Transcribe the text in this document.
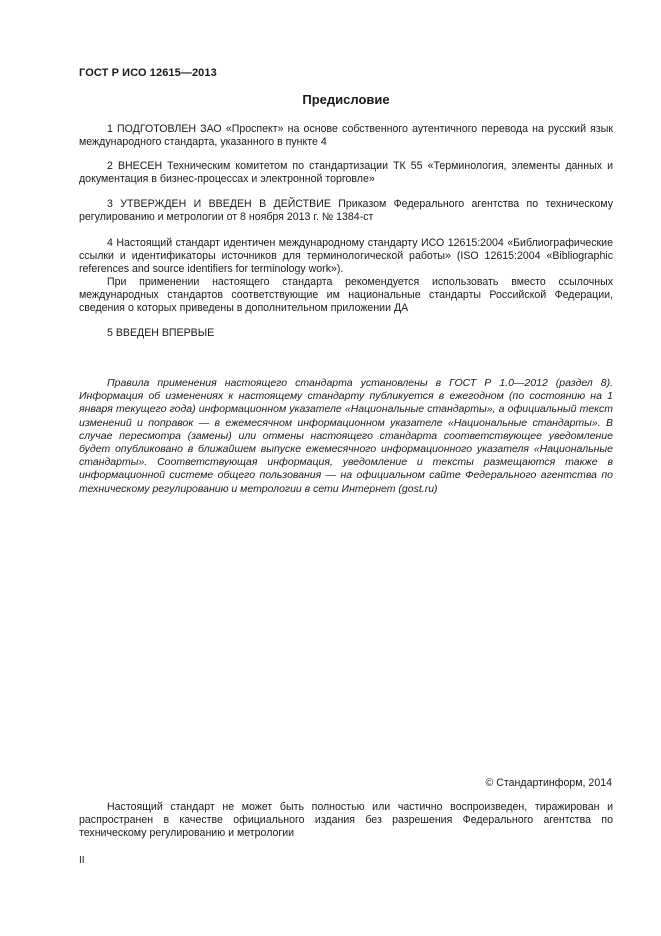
ГОСТ Р ИСО 12615—2013
Предисловие

1 ПОДГОТОВЛЕН ЗАО «Проспект» на основе собственного аутентичного перевода на русский язык международного стандарта, указанного в пункте 4

2 ВНЕСЕН Техническим комитетом по стандартизации ТК 55 «Терминология, элементы данных и документация в бизнес-процессах и электронной торговле»

3 УТВЕРЖДЕН И ВВЕДЕН В ДЕЙСТВИЕ Приказом Федерального агентства по техническому регулированию и метрологии от 8 ноября 2013 г. № 1384-ст

4 Настоящий стандарт идентичен международному стандарту ИСО 12615:2004 «Библиографические ссылки и идентификаторы источников для терминологической работы» (ISO 12615:2004 «Bibliographic references and source identifiers for terminology work»).

При применении настоящего стандарта рекомендуется использовать вместо ссылочных международных стандартов соответствующие им национальные стандарты Российской Федерации, сведения о которых приведены в дополнительном приложении ДА

5 ВВЕДЕН ВПЕРВЫЕ

Правила применения настоящего стандарта установлены в ГОСТ Р 1.0—2012 (раздел 8). Информация об изменениях к настоящему стандарту публикуется в ежегодном (по состоянию на 1 января текущего года) информационном указателе «Национальные стандарты», а официальный текст изменений и поправок — в ежемесячном информационном указателе «Национальные стандарты». В случае пересмотра (замены) или отмены настоящего стандарта соответствующее уведомление будет опубликовано в ближайшем выпуске ежемесячного информационного указателя «Национальные стандарты». Соответствующая информация, уведомление и тексты размещаются также в информационной системе общего пользования — на официальном сайте Федерального агентства по техническому регулированию и метрологии в сети Интернет (gost.ru)

© Стандартинформ, 2014

Настоящий стандарт не может быть полностью или частично воспроизведен, тиражирован и распространен в качестве официального издания без разрешения Федерального агентства по техническому регулированию и метрологии

II
